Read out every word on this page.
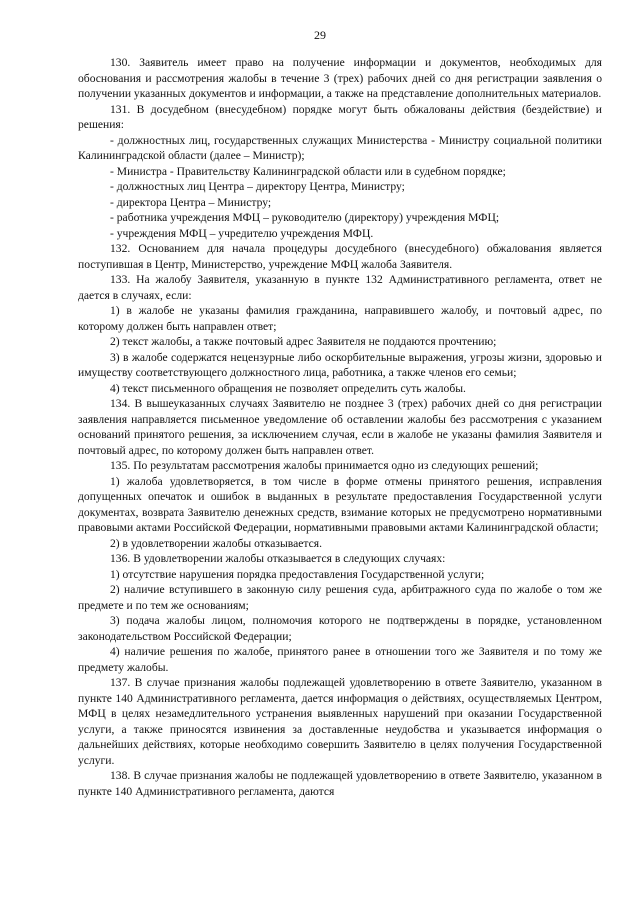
29

130. Заявитель имеет право на получение информации и документов, необходимых для обоснования и рассмотрения жалобы в течение 3 (трех) рабочих дней со дня регистрации заявления о получении указанных документов и информации, а также на представление дополнительных материалов.

131. В досудебном (внесудебном) порядке могут быть обжалованы действия (бездействие) и решения:

- должностных лиц, государственных служащих Министерства - Министру социальной политики Калининградской области (далее – Министр);

- Министра - Правительству Калининградской области или в судебном порядке;

- должностных лиц Центра – директору Центра, Министру;

- директора Центра – Министру;

- работника учреждения МФЦ – руководителю (директору) учреждения МФЦ;

- учреждения МФЦ – учредителю учреждения МФЦ.

132. Основанием для начала процедуры досудебного (внесудебного) обжалования является поступившая в Центр, Министерство, учреждение МФЦ жалоба Заявителя.

133. На жалобу Заявителя, указанную в пункте 132 Административного регламента, ответ не дается в случаях, если:

1) в жалобе не указаны фамилия гражданина, направившего жалобу, и почтовый адрес, по которому должен быть направлен ответ;

2) текст жалобы, а также почтовый адрес Заявителя не поддаются прочтению;

3) в жалобе содержатся нецензурные либо оскорбительные выражения, угрозы жизни, здоровью и имуществу соответствующего должностного лица, работника, а также членов его семьи;

4) текст письменного обращения не позволяет определить суть жалобы.

134. В вышеуказанных случаях Заявителю не позднее 3 (трех) рабочих дней со дня регистрации заявления направляется письменное уведомление об оставлении жалобы без рассмотрения с указанием оснований принятого решения, за исключением случая, если в жалобе не указаны фамилия Заявителя и почтовый адрес, по которому должен быть направлен ответ.

135. По результатам рассмотрения жалобы принимается одно из следующих решений;

1) жалоба удовлетворяется, в том числе в форме отмены принятого решения, исправления допущенных опечаток и ошибок в выданных в результате предоставления Государственной услуги документах, возврата Заявителю денежных средств, взимание которых не предусмотрено нормативными правовыми актами Российской Федерации, нормативными правовыми актами Калининградской области;

2) в удовлетворении жалобы отказывается.

136. В удовлетворении жалобы отказывается в следующих случаях:

1) отсутствие нарушения порядка предоставления Государственной услуги;

2) наличие вступившего в законную силу решения суда, арбитражного суда по жалобе о том же предмете и по тем же основаниям;

3) подача жалобы лицом, полномочия которого не подтверждены в порядке, установленном законодательством Российской Федерации;

4) наличие решения по жалобе, принятого ранее в отношении того же Заявителя и по тому же предмету жалобы.

137. В случае признания жалобы подлежащей удовлетворению в ответе Заявителю, указанном в пункте 140 Административного регламента, дается информация о действиях, осуществляемых Центром, МФЦ в целях незамедлительного устранения выявленных нарушений при оказании Государственной услуги, а также приносятся извинения за доставленные неудобства и указывается информация о дальнейших действиях, которые необходимо совершить Заявителю в целях получения Государственной услуги.

138. В случае признания жалобы не подлежащей удовлетворению в ответе Заявителю, указанном в пункте 140 Административного регламента, даются
